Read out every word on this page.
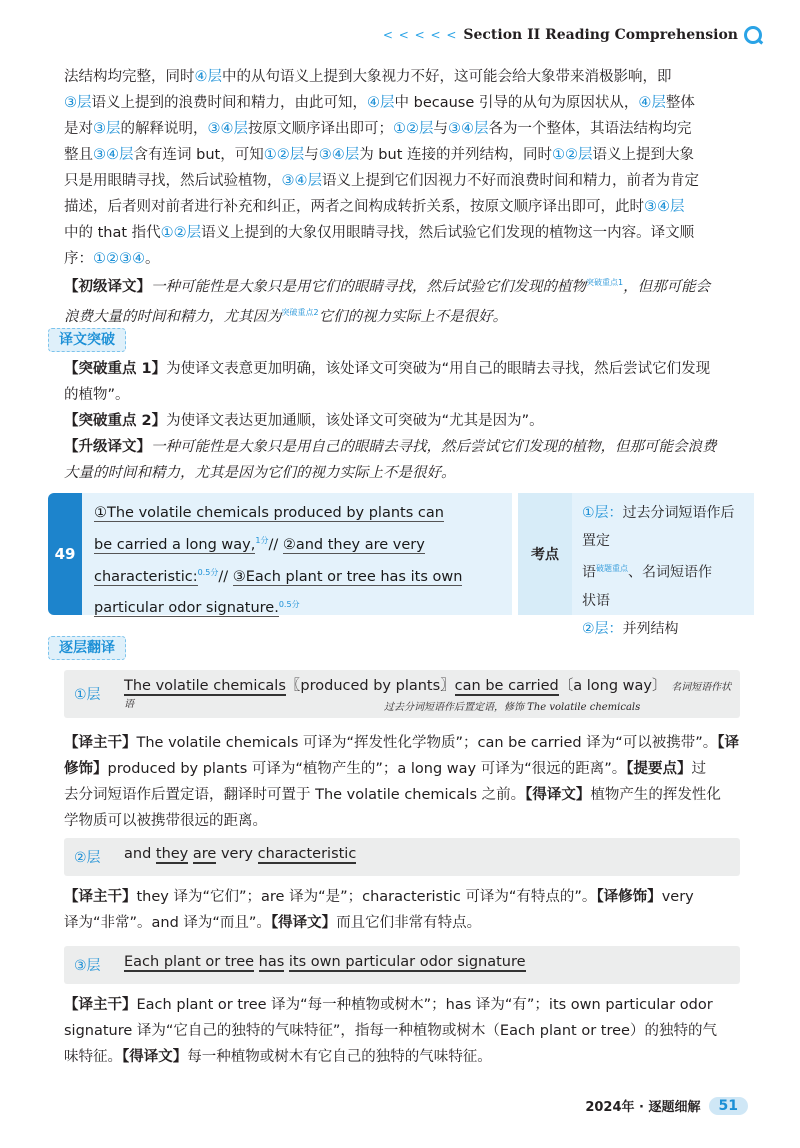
< < < < < Section II Reading Comprehension
法结构均完整，同时④层中的从句语义上提到大象视力不好，这可能会给大象带来消极影响，即
③层语义上提到的浪费时间和精力，由此可知，④层中 because 引导的从句为原因状从，④层整体
是对③层的解释说明，③④层按原文顺序译出即可；①②层与③④层各为一个整体，其语法结构均完
整且③④层含有连词 but，可知①②层与③④层为 but 连接的并列结构，同时①②层语义上提到大象
只是用眼睛寻找，然后试验植物，③④层语义上提到它们因视力不好而浪费时间和精力，前者为肯定
描述，后者则对前者进行补充和纠正，两者之间构成转折关系，按原文顺序译出即可，此时③④层
中的 that 指代①②层语义上提到的大象仅用眼睛寻找，然后试验它们发现的植物这一内容。译文顺
序：①②③④。
【初级译文】一种可能性是大象只是用它们的眼睛寻找，然后试验它们发现的植物$^{突破重点1}$，但那可能会
浪费大量的时间和精力，尤其因为$^{突破重点2}$它们的视力实际上不是很好。
译文突破
【突破重点 1】为使译文表意更加明确，该处译文可突破为“用自己的眼睛去寻找，然后尝试它们发现
的植物”。
【突破重点 2】为使译文表达更加通顺，该处译文可突破为“尤其是因为”。
【升级译文】一种可能性是大象只是用自己的眼睛去寻找，然后尝试它们发现的植物，但那可能会浪费
大量的时间和精力，尤其是因为它们的视力实际上不是很好。
49
①The volatile chemicals produced by plants can
be carried a long way,$^{1分}$// ②and they are very
characteristic:$^{0.5分}$// ③Each plant or tree has its own
particular odor signature.$^{0.5分}$
考点
①层：过去分词短语作后置定
语$^{破题重点}$、名词短语作
状语
②层：并列结构
逐层翻译
①层
The volatile chemicals〖produced by plants〗can be carried〔a long way〕 名词短语作状语	过去分词短语作后置定语，修饰 The volatile chemicals
【译主干】The volatile chemicals 可译为“挥发性化学物质”；can be carried 译为“可以被携带”。【译
修饰】produced by plants 可译为“植物产生的”；a long way 可译为“很远的距离”。【提要点】过
去分词短语作后置定语，翻译时可置于 The volatile chemicals 之前。【得译文】植物产生的挥发性化
学物质可以被携带很远的距离。
②层 and they are very characteristic
【译主干】they 译为“它们”；are 译为“是”；characteristic 可译为“有特点的”。【译修饰】very
译为“非常”。and 译为“而且”。【得译文】而且它们非常有特点。
③层 Each plant or tree has its own particular odor signature
【译主干】Each plant or tree 译为“每一种植物或树木”；has 译为“有”；its own particular odor
signature 译为“它自己的独特的气味特征”，指每一种植物或树木（Each plant or tree）的独特的气
味特征。【得译文】每一种植物或树木有它自己的独特的气味特征。
2024年 · 逐题细解	51
